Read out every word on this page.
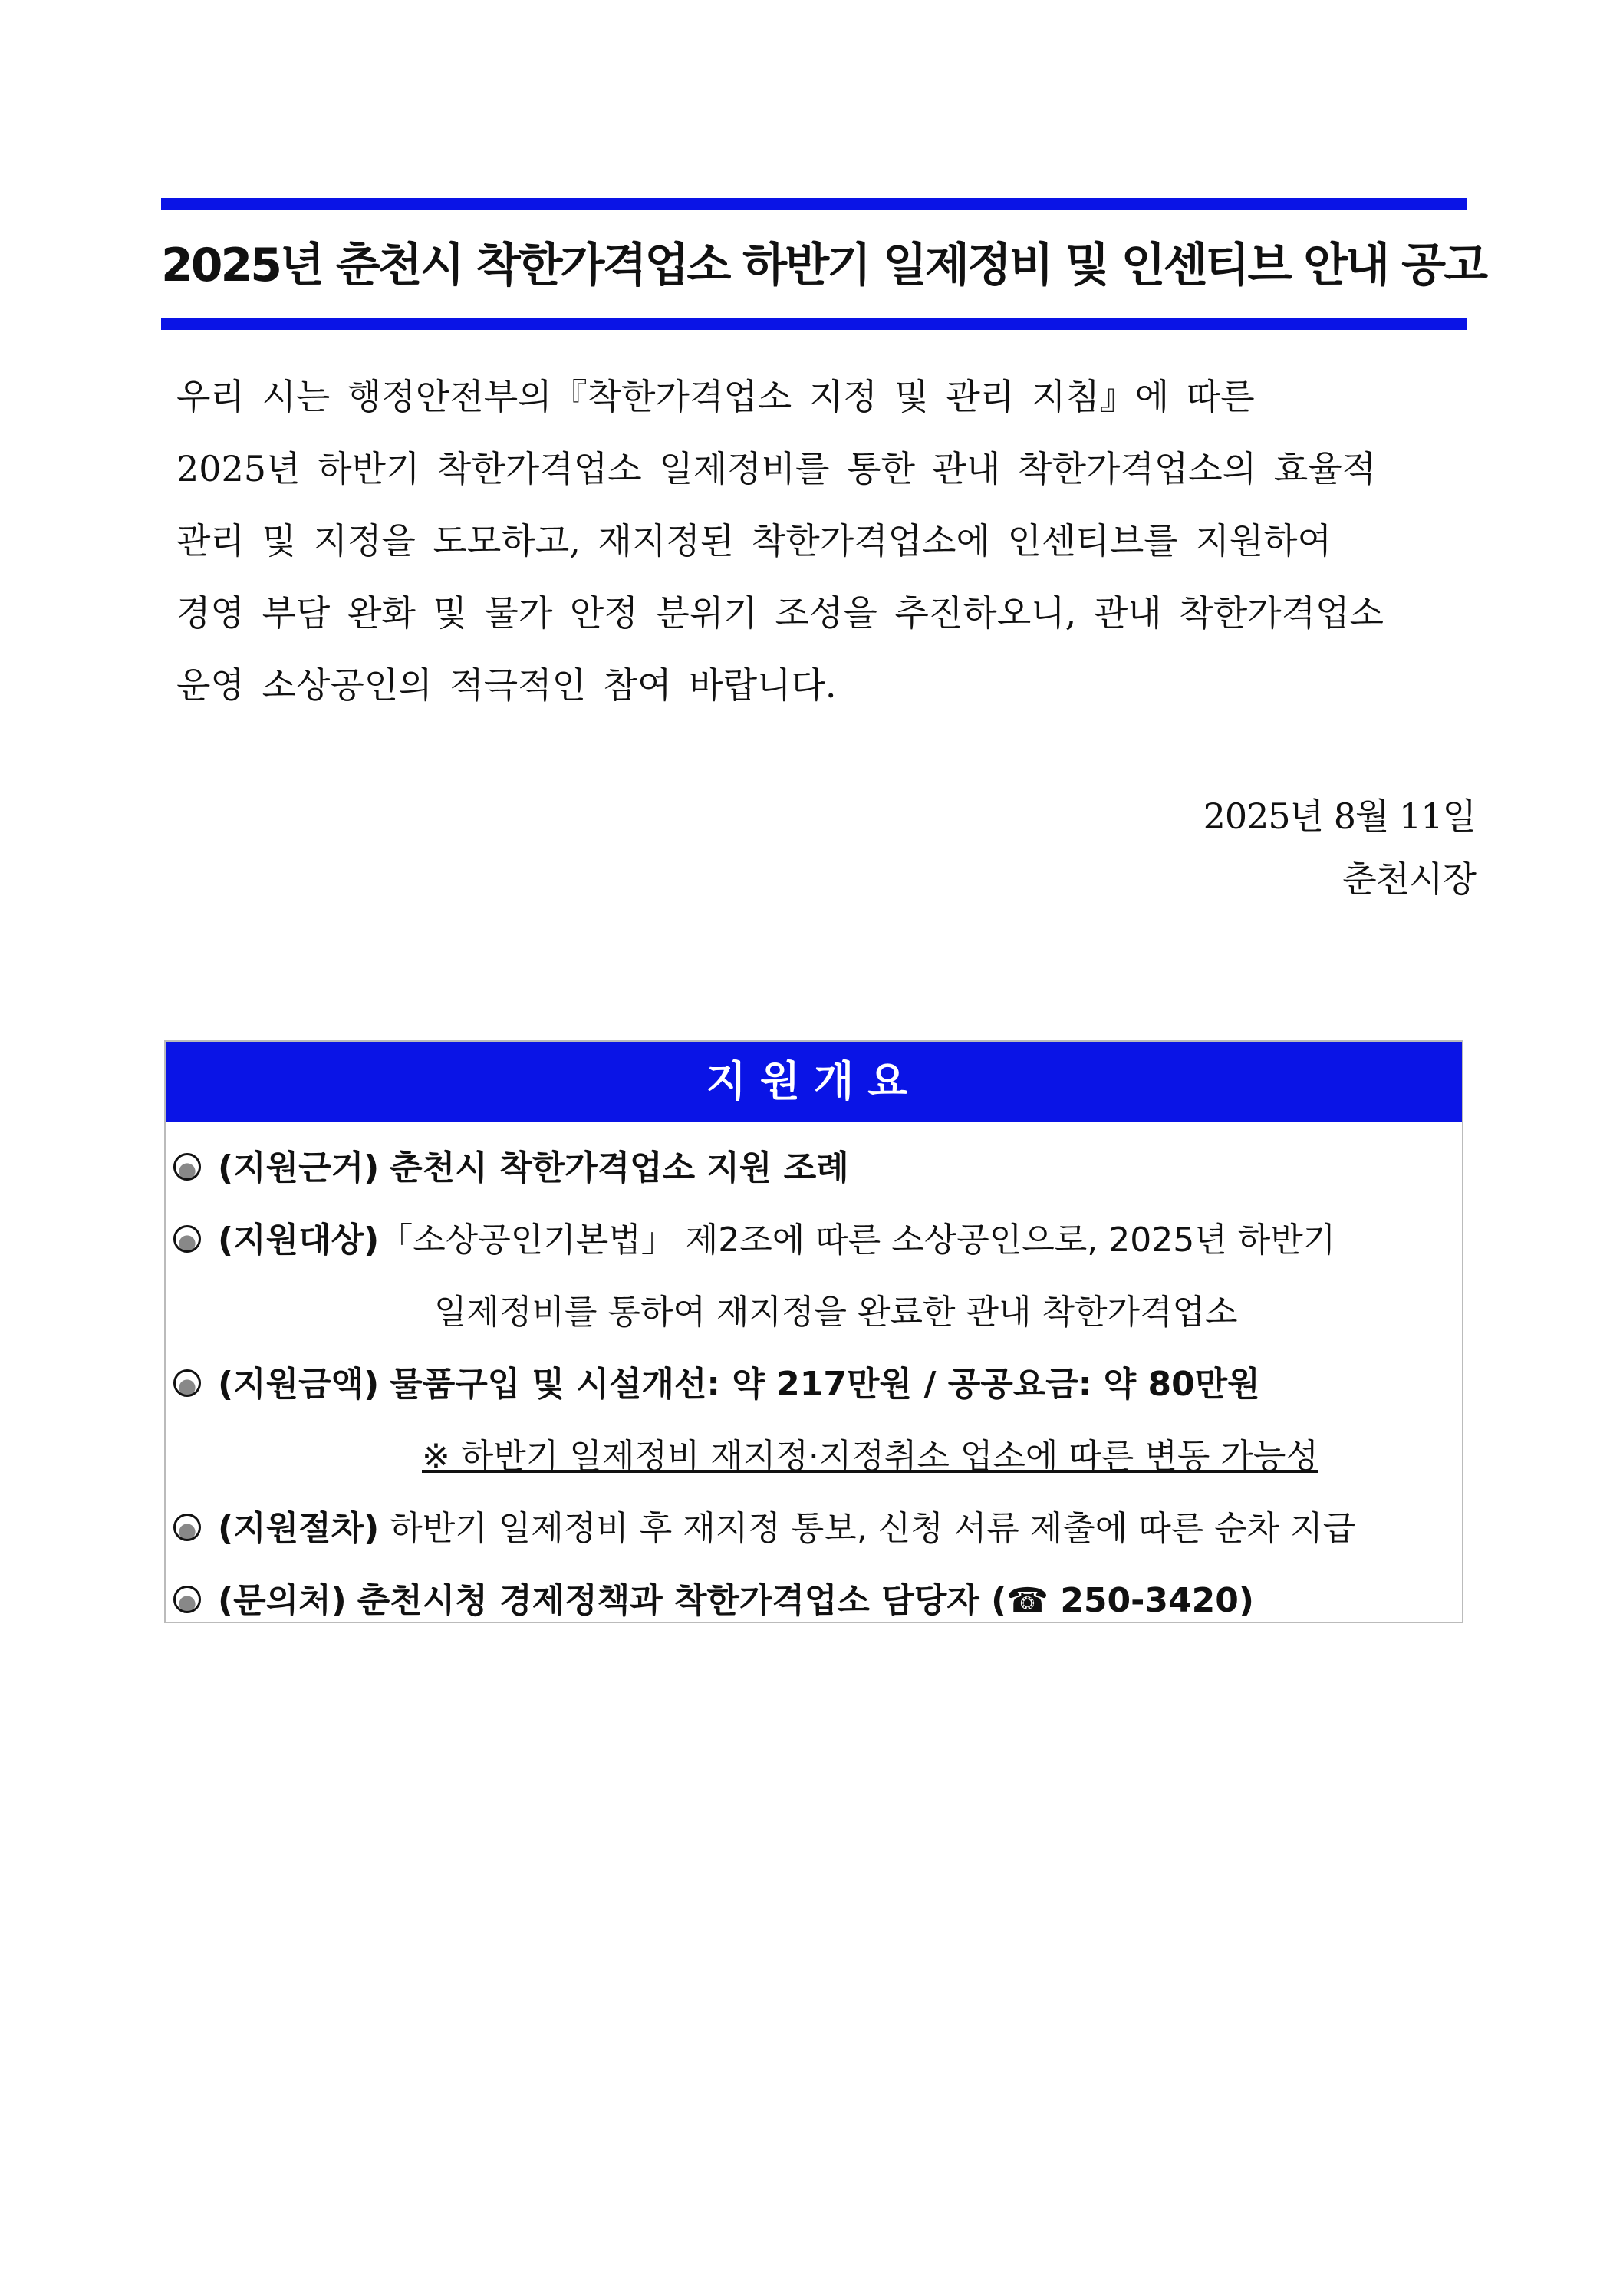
2025년 춘천시 착한가격업소 하반기 일제정비 및 인센티브 안내 공고

우리 시는 행정안전부의『착한가격업소 지정 및 관리 지침』에 따른

2025년 하반기 착한가격업소 일제정비를 통한 관내 착한가격업소의 효율적

관리 및 지정을 도모하고, 재지정된 착한가격업소에 인센티브를 지원하여

경영 부담 완화 및 물가 안정 분위기 조성을 추진하오니, 관내 착한가격업소

운영 소상공인의 적극적인 참여 바랍니다.

2025년 8월 11일
춘천시장
지원개요
(지원근거) 춘천시 착한가격업소 지원 조례
(지원대상)「소상공인기본법」 제2조에 따른 소상공인으로, 2025년 하반기
일제정비를 통하여 재지정을 완료한 관내 착한가격업소
(지원금액) 물품구입 및 시설개선: 약 217만원 / 공공요금: 약 80만원
※ 하반기 일제정비 재지정·지정취소 업소에 따른 변동 가능성
(지원절차) 하반기 일제정비 후 재지정 통보, 신청 서류 제출에 따른 순차 지급
(문의처) 춘천시청 경제정책과 착한가격업소 담당자 (☎ 250-3420)
